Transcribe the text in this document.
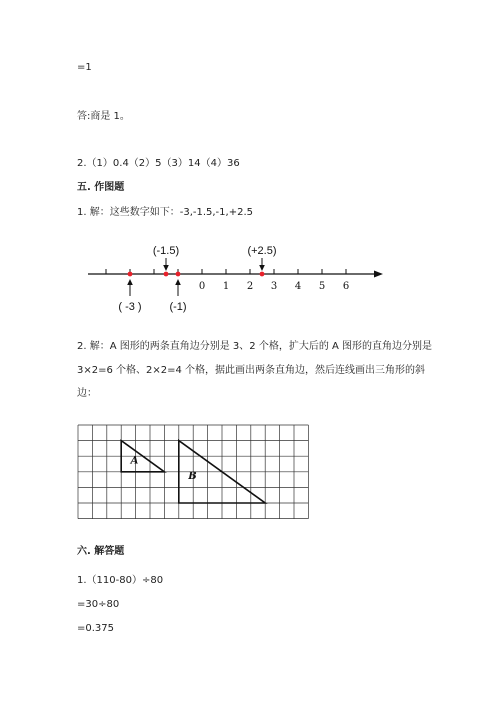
=1
答:商是 1。
2.（1）0.4（2）5（3）14（4）36
五. 作图题
1. 解：这些数字如下：-3,-1.5,-1,+2.5
0 1 2 3 4 5 6
(-1.5)	(+2.5)
( -3 )	(-1)
2. 解：A 图形的两条直角边分别是 3、2 个格，扩大后的 A 图形的直角边分别是
3×2=6 个格、2×2=4 个格，据此画出两条直角边，然后连线画出三角形的斜
边：
A
B
六. 解答题
1.（110-80）÷80
=30÷80
=0.375
